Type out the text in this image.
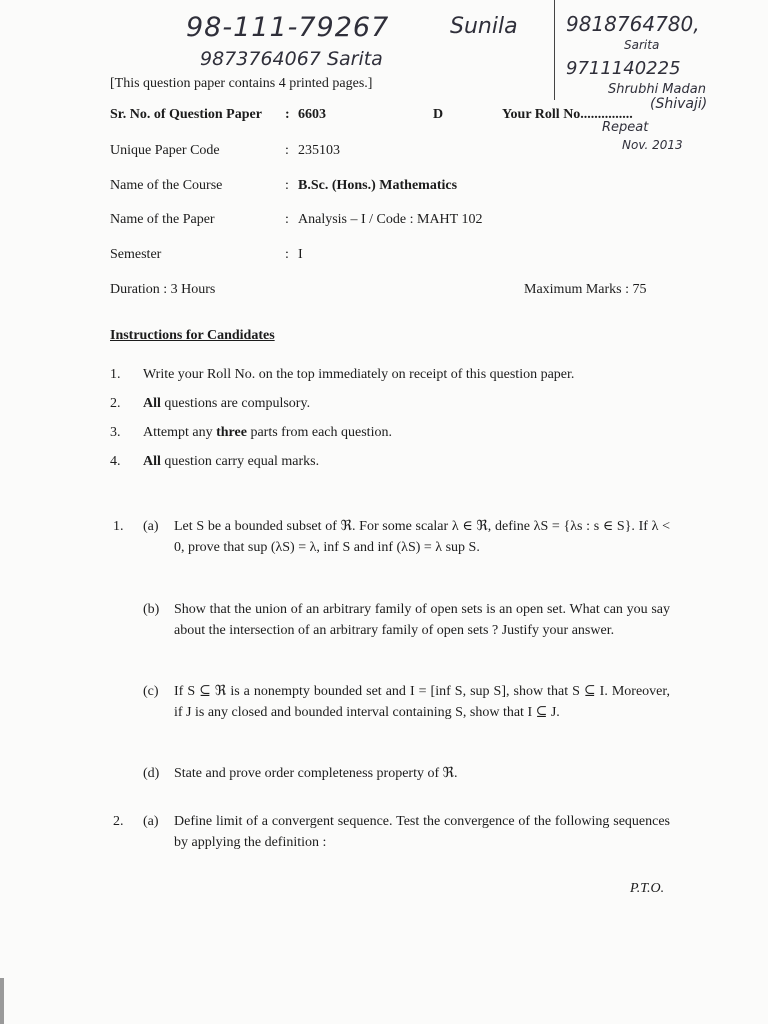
98-111-79267
9873764067 Sarita
Sunila 9818764780,
Sarita
9711140225
Shrubhi Madan
(Shivaji)
Repeat
Nov. 2013
[This question paper contains 4 printed pages.]
Sr. No. of Question Paper : 6603	D	Your Roll No...............
Unique Paper Code	: 235103
Name of the Course	: B.Sc. (Hons.) Mathematics
Name of the Paper	: Analysis – I / Code : MAHT 102
Semester	: I
Duration : 3 Hours	Maximum Marks : 75
Instructions for Candidates
1. Write your Roll No. on the top immediately on receipt of this question paper.
2. All questions are compulsory.
3. Attempt any three parts from each question.
4. All question carry equal marks.
1. (a) Let S be a bounded subset of ℜ. For some scalar λ ∈ ℜ, define λS = {λs : s ∈ S}. If λ < 0, prove that sup (λS) = λ, inf S and inf (λS) = λ sup S.
(b) Show that the union of an arbitrary family of open sets is an open set. What can you say about the intersection of an arbitrary family of open sets ? Justify your answer.
(c) If S ⊆ ℜ is a nonempty bounded set and I = [inf S, sup S], show that S ⊆ I. Moreover, if J is any closed and bounded interval containing S, show that I ⊆ J.
(d) State and prove order completeness property of ℜ.
2. (a) Define limit of a convergent sequence. Test the convergence of the following sequences by applying the definition :
P.T.O.
